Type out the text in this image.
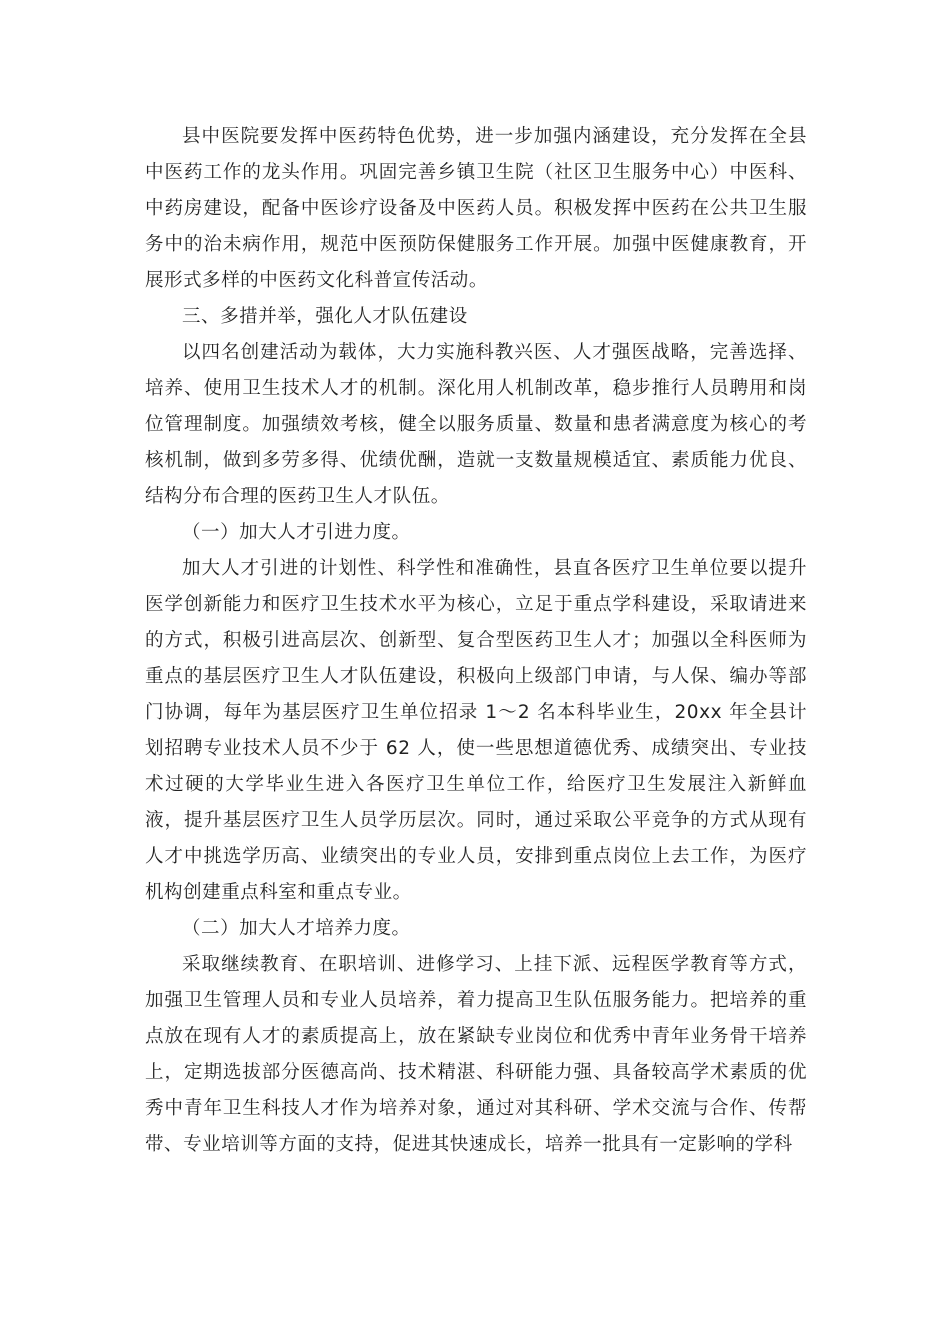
县中医院要发挥中医药特色优势，进一步加强内涵建设，充分发挥在全县中医药工作的龙头作用。巩固完善乡镇卫生院（社区卫生服务中心）中医科、中药房建设，配备中医诊疗设备及中医药人员。积极发挥中医药在公共卫生服务中的治未病作用，规范中医预防保健服务工作开展。加强中医健康教育，开展形式多样的中医药文化科普宣传活动。

三、多措并举，强化人才队伍建设

以四名创建活动为载体，大力实施科教兴医、人才强医战略，完善选择、培养、使用卫生技术人才的机制。深化用人机制改革，稳步推行人员聘用和岗位管理制度。加强绩效考核，健全以服务质量、数量和患者满意度为核心的考核机制，做到多劳多得、优绩优酬，造就一支数量规模适宜、素质能力优良、结构分布合理的医药卫生人才队伍。

（一）加大人才引进力度。

加大人才引进的计划性、科学性和准确性，县直各医疗卫生单位要以提升医学创新能力和医疗卫生技术水平为核心，立足于重点学科建设，采取请进来的方式，积极引进高层次、创新型、复合型医药卫生人才；加强以全科医师为重点的基层医疗卫生人才队伍建设，积极向上级部门申请，与人保、编办等部门协调，每年为基层医疗卫生单位招录 1～2 名本科毕业生，20xx 年全县计划招聘专业技术人员不少于 62 人，使一些思想道德优秀、成绩突出、专业技术过硬的大学毕业生进入各医疗卫生单位工作，给医疗卫生发展注入新鲜血液，提升基层医疗卫生人员学历层次。同时，通过采取公平竞争的方式从现有人才中挑选学历高、业绩突出的专业人员，安排到重点岗位上去工作，为医疗机构创建重点科室和重点专业。

（二）加大人才培养力度。

采取继续教育、在职培训、进修学习、上挂下派、远程医学教育等方式，加强卫生管理人员和专业人员培养，着力提高卫生队伍服务能力。把培养的重点放在现有人才的素质提高上，放在紧缺专业岗位和优秀中青年业务骨干培养上，定期选拔部分医德高尚、技术精湛、科研能力强、具备较高学术素质的优秀中青年卫生科技人才作为培养对象，通过对其科研、学术交流与合作、传帮带、专业培训等方面的支持，促进其快速成长，培养一批具有一定影响的学科
